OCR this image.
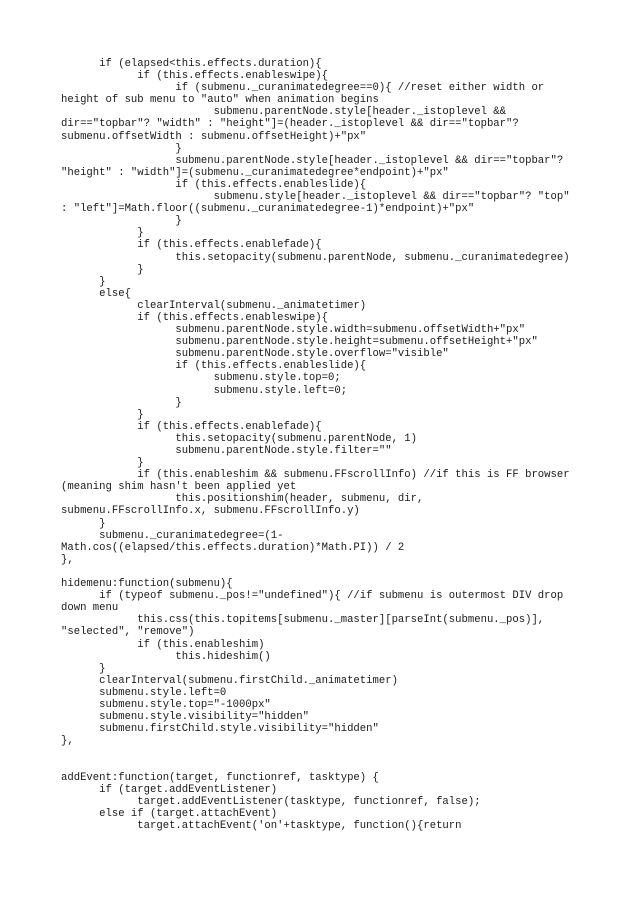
if (elapsed<this.effects.duration){
if (this.effects.enableswipe){
if (submenu._curanimatedegree==0){ //reset either width or
height of sub menu to "auto" when animation begins
submenu.parentNode.style[header._istoplevel &&
dir=="topbar"? "width" : "height"]=(header._istoplevel && dir=="topbar"?
submenu.offsetWidth : submenu.offsetHeight)+"px"
}
submenu.parentNode.style[header._istoplevel && dir=="topbar"?
"height" : "width"]=(submenu._curanimatedegree*endpoint)+"px"
if (this.effects.enableslide){
submenu.style[header._istoplevel && dir=="topbar"? "top"
: "left"]=Math.floor((submenu._curanimatedegree-1)*endpoint)+"px"
}
}
if (this.effects.enablefade){
this.setopacity(submenu.parentNode, submenu._curanimatedegree)
}
}
else{
clearInterval(submenu._animatetimer)
if (this.effects.enableswipe){
submenu.parentNode.style.width=submenu.offsetWidth+"px"
submenu.parentNode.style.height=submenu.offsetHeight+"px"
submenu.parentNode.style.overflow="visible"
if (this.effects.enableslide){
submenu.style.top=0;
submenu.style.left=0;
}
}
if (this.effects.enablefade){
this.setopacity(submenu.parentNode, 1)
submenu.parentNode.style.filter=""
}
if (this.enableshim && submenu.FFscrollInfo) //if this is FF browser
(meaning shim hasn't been applied yet
this.positionshim(header, submenu, dir,
submenu.FFscrollInfo.x, submenu.FFscrollInfo.y)
}
submenu._curanimatedegree=(1-
Math.cos((elapsed/this.effects.duration)*Math.PI)) / 2
},
hidemenu:function(submenu){
if (typeof submenu._pos!="undefined"){ //if submenu is outermost DIV drop
down menu
this.css(this.topitems[submenu._master][parseInt(submenu._pos)],
"selected", "remove")
if (this.enableshim)
this.hideshim()
}
clearInterval(submenu.firstChild._animatetimer)
submenu.style.left=0
submenu.style.top="-1000px"
submenu.style.visibility="hidden"
submenu.firstChild.style.visibility="hidden"
},
addEvent:function(target, functionref, tasktype) {
if (target.addEventListener)
target.addEventListener(tasktype, functionref, false);
else if (target.attachEvent)
target.attachEvent('on'+tasktype, function(){return
